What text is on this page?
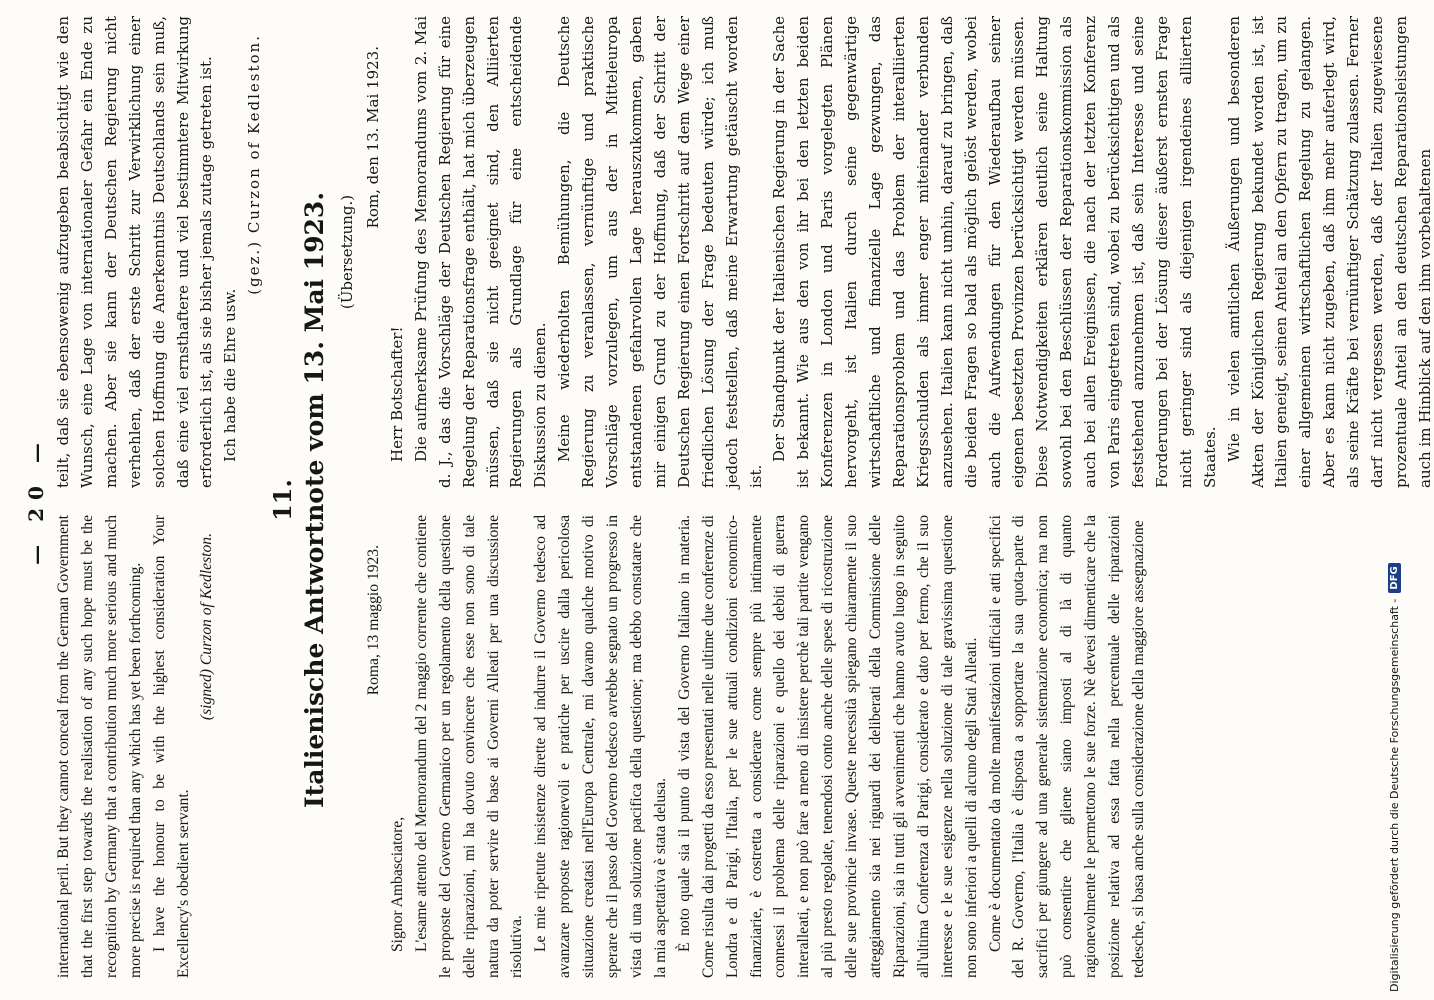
— 20 —

international peril. But they cannot conceal from the German Government that the first step towards the realisation of any such hope must be the recognition by Germany that a contribution much more serious and much more precise is required than any which has yet been forthcoming. I have the honour to be with the highest consideration Your Excellency's obedient servant.

(signed) Curzon of Kedleston.

teilt, daß sie ebensowenig aufzugeben beabsichtigt wie den Wunsch, eine Lage von internationaler Gefahr ein Ende zu machen. Aber sie kann der Deutschen Regierung nicht verhehlen, daß der erste Schritt zur Verwirklichung einer solchen Hoffnung die Anerkenntnis Deutschlands sein muß, daß eine viel ernsthaftere und viel bestimmtere Mitwirkung erforderlich ist, als sie bisher jemals zutage getreten ist. Ich habe die Ehre usw.

(gez.) Curzon of Kedleston.

11. Italienische Antwortnote vom 13. Mai 1923. (Übersetzung.)

Roma, 13 maggio 1923.

Signor Ambasciatore, L'esame attento del Memorandum del 2 maggio corrente che contiene le proposte del Governo Germanico per un regolamento della questione delle riparazioni, mi ha dovuto convincere che esse non sono di tale natura da poter servire di base ai Governi Alleati per una discussione risolutiva. Le mie ripetute insistenze dirette ad indurre il Governo tedesco ad avanzare proposte ragionevoli e pratiche per uscire dalla pericolosa situazione creatasi nell'Europa Centrale, mi davano qualche motivo di sperare che il passo del Governo tedesco avrebbe segnato un progresso in vista di una soluzione pacifica della questione; ma debbo constatare che la mia aspettativa è stata delusa. È noto quale sia il punto di vista del Governo Italiano in materia. Come risulta dai progetti da esso presentati nelle ultime due conferenze di Londra e di Parigi, l'Italia, per le sue attuali condizioni economico-finanziarie, è costretta a considerare come sempre più intimamente connessi il problema delle riparazioni e quello dei debiti di guerra interalleati, e non può fare a meno di insistere perchè tali partite vengano al più presto regolate, tenendosi conto anche delle spese di ricostruzione delle sue provincie invase. Queste necessità spiegano chiaramente il suo atteggiamento sia nei riguardi dei deliberati della Commissione delle Riparazioni, sia in tutti gli avvenimenti che hanno avuto luogo in seguito all'ultima Conferenza di Parigi, considerato e dato per fermo, che il suo interesse e le sue esigenze nella soluzione di tale gravissima questione non sono inferiori a quelli di alcuno degli Stati Alleati. Come è documentato da molte manifestazioni ufficiali e atti specifici del R. Governo, l'Italia è disposta a sopportare la sua quota-parte di sacrifici per giungere ad una generale sistemazione economica; ma non può consentire che gliene siano imposti al di là di quanto ragionevolmente le permettono le sue forze. Nè devesi dimenticare che la posizione relativa ad essa fatta nella percentuale delle riparazioni tedesche, si basa anche sulla considerazione della maggiore assegnazione

Rom, den 13. Mai 1923.

Herr Botschafter! Die aufmerksame Prüfung des Memorandums vom 2. Mai d. J., das die Vorschläge der Deutschen Regierung für eine Regelung der Reparationsfrage enthält, hat mich überzeugen müssen, daß sie nicht geeignet sind, den Alliierten Regierungen als Grundlage für eine entscheidende Diskussion zu dienen. Meine wiederholten Bemühungen, die Deutsche Regierung zu veranlassen, vernünftige und praktische Vorschläge vorzulegen, um aus der in Mitteleuropa entstandenen gefahrvollen Lage herauszukommen, gaben mir einigen Grund zu der Hoffnung, daß der Schritt der Deutschen Regierung einen Fortschritt auf dem Wege einer friedlichen Lösung der Frage bedeuten würde; ich muß jedoch feststellen, daß meine Erwartung getäuscht worden ist.

Der Standpunkt der Italienischen Regierung in der Sache ist bekannt. Wie aus den von ihr bei den letzten beiden Konferenzen in London und Paris vorgelegten Plänen hervorgeht, ist Italien durch seine gegenwärtige wirtschaftliche und finanzielle Lage gezwungen, das Reparationsproblem und das Problem der interalliierten Kriegsschulden als immer enger miteinander verbunden anzusehen. Italien kann nicht umhin, darauf zu bringen, daß die beiden Fragen so bald als möglich gelöst werden, wobei auch die Aufwendungen für den Wiederaufbau seiner eigenen besetzten Provinzen berücksichtigt werden müssen. Diese Notwendigkeiten erklären deutlich seine Haltung sowohl bei den Beschlüssen der Reparationskommission als auch bei allen Ereignissen, die nach der letzten Konferenz von Paris eingetreten sind, wobei zu berücksichtigen und als feststehend anzunehmen ist, daß sein Interesse und seine Forderungen bei der Lösung dieser äußerst ernsten Frage nicht geringer sind als diejenigen irgendeines alliierten Staates. Wie in vielen amtlichen Äußerungen und besonderen Akten der Königlichen Regierung bekundet worden ist, ist Italien geneigt, seinen Anteil an den Opfern zu tragen, um zu einer allgemeinen wirtschaftlichen Regelung zu gelangen. Aber es kann nicht zugeben, daß ihm mehr auferlegt wird, als seine Kräfte bei vernünftiger Schätzung zulassen. Ferner darf nicht vergessen werden, daß der Italien zugewiesene prozentuale Anteil an den deutschen Reparationsleistungen auch im Hinblick auf den ihm vorbehaltenen

Digitalisierung gefördert durch die Deutsche Forschungsgemeinschaft -
DFG
